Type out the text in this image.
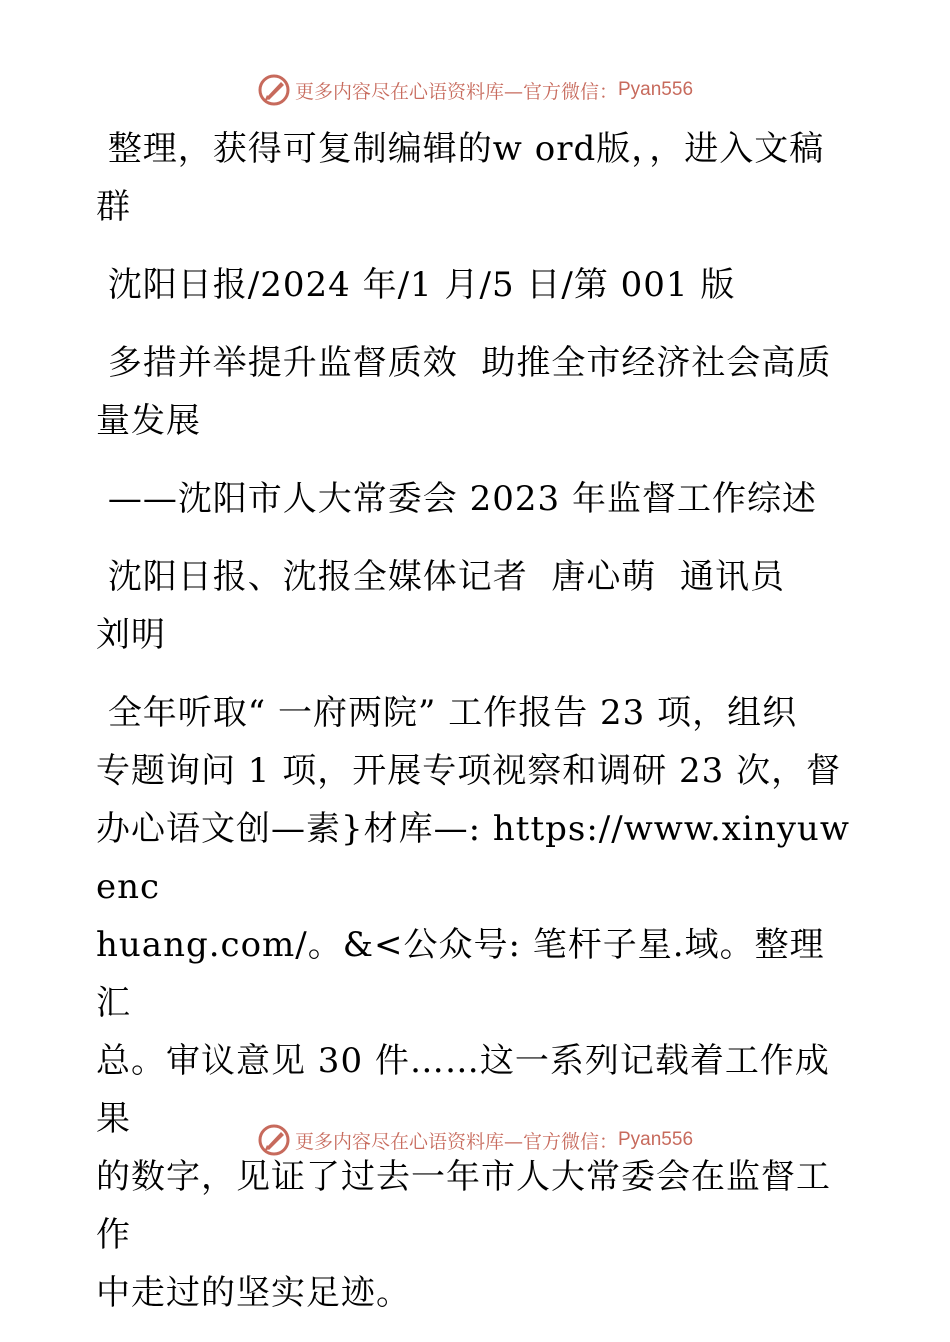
更多内容尽在心语资料库—官方微信： Pyan556
整理，获得可复制编辑的w ord版，，进入文稿
群
沈阳日报/2024 年/1 月/5 日/第 001 版
多措并举提升监督质效  助推全市经济社会高质
量发展
——沈阳市人大常委会 2023 年监督工作综述
沈阳日报、沈报全媒体记者  唐心萌  通讯员
刘明
全年听取“ 一府两院” 工作报告 23 项，组织
专题询问 1 项，开展专项视察和调研 23 次，督
办心语文创—素}材库—: https://www.xinyuwenc
huang.com/。&<公众号: 笔杆子星.域。整理汇
总。审议意见 30 件……这一系列记载着工作成果
的数字，见证了过去一年市人大常委会在监督工作
中走过的坚实足迹。
更多内容尽在心语资料库—官方微信： Pyan556
